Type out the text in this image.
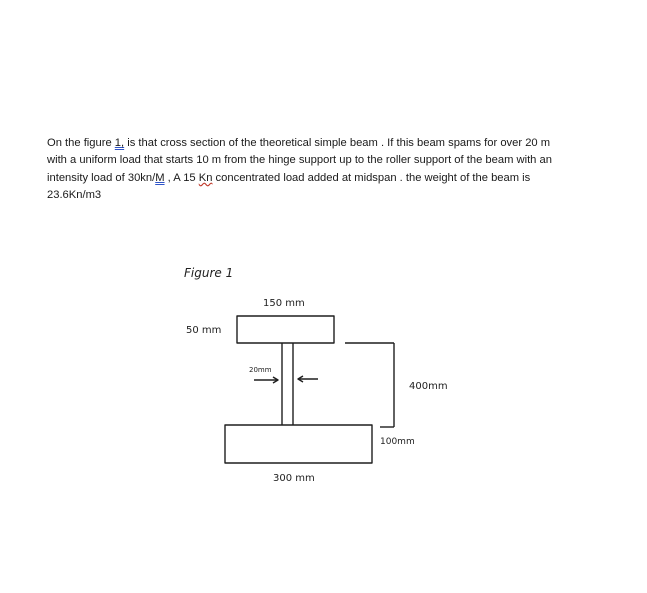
On the figure 1, is that cross section of the theoretical simple beam . If this beam spams for over 20 m

with a uniform load that starts 10 m from the hinge support up to the roller support of the beam with an

intensity load of 30kn/M , A 15 Kn concentrated load added at midspan . the weight of the beam is

23.6Kn/m3

Figure 1
150 mm
50 mm
20mm
400mm
100mm
300 mm
